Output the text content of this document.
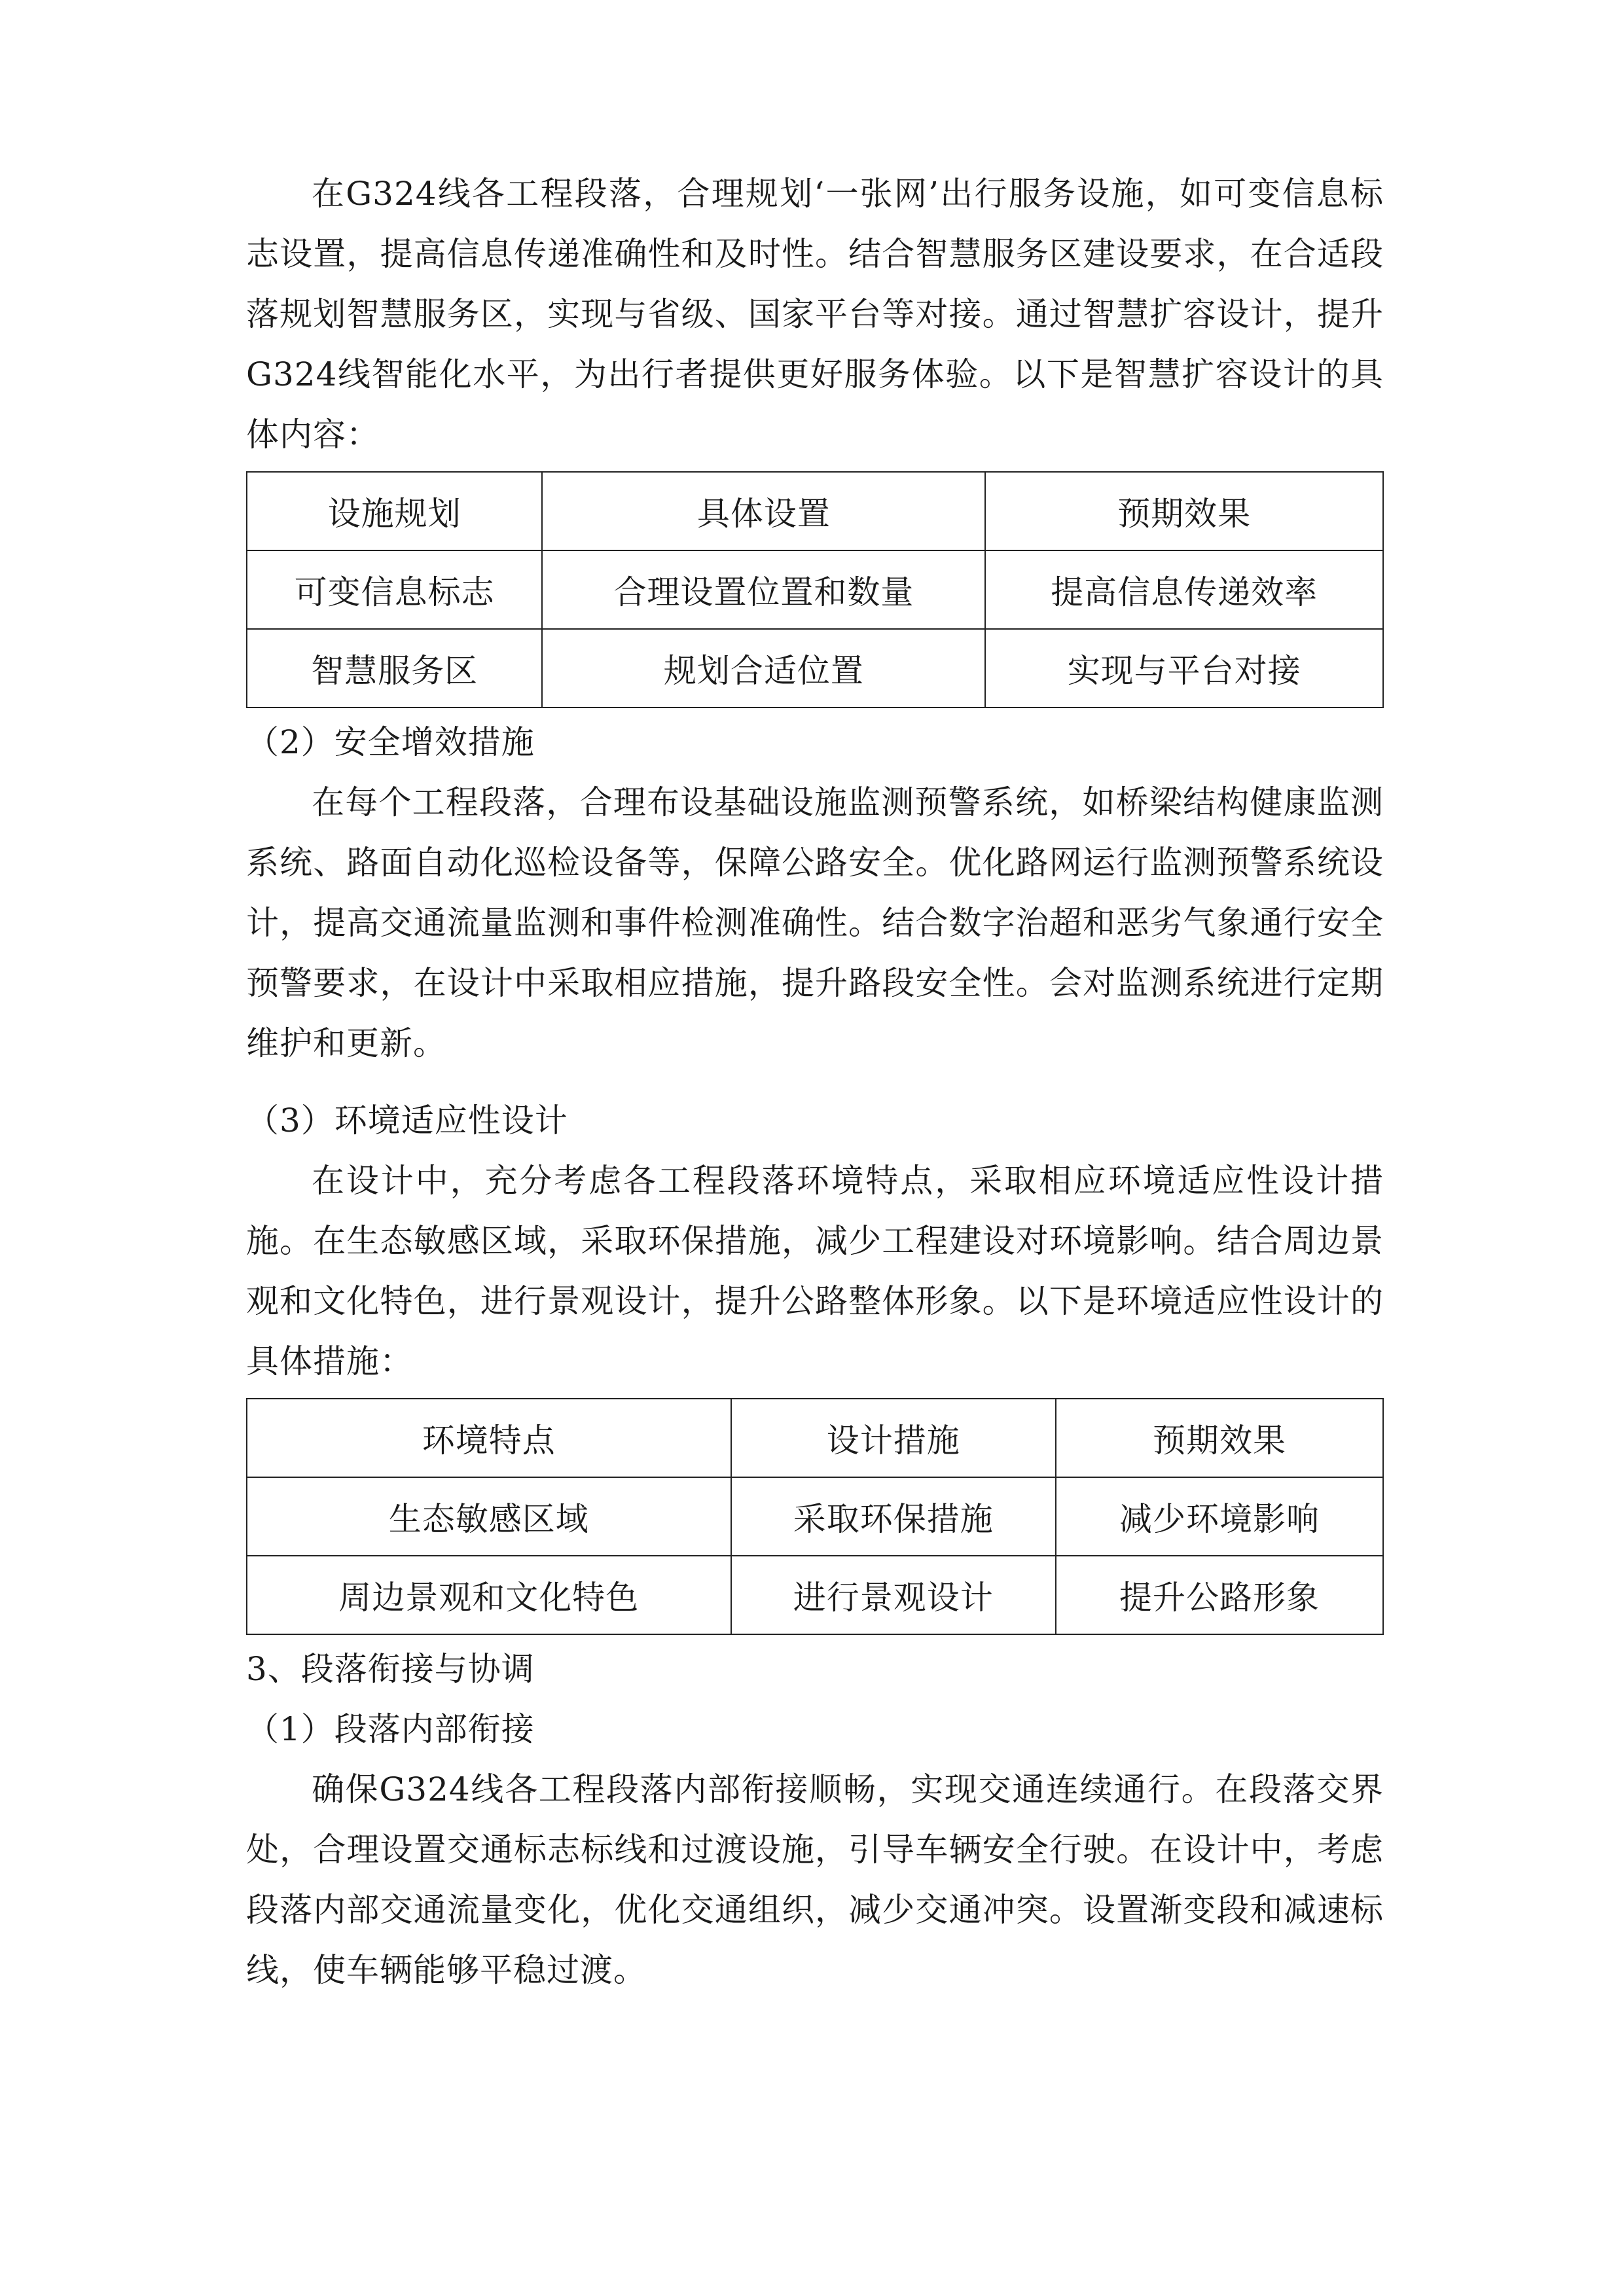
在G324线各工程段落，合理规划‘一张网’出行服务设施，如可变信息标志设置，提高信息传递准确性和及时性。结合智慧服务区建设要求，在合适段落规划智慧服务区，实现与省级、国家平台等对接。通过智慧扩容设计，提升G324线智能化水平，为出行者提供更好服务体验。以下是智慧扩容设计的具体内容：

设施规划	具体设置	预期效果
可变信息标志	合理设置位置和数量	提高信息传递效率
智慧服务区	规划合适位置	实现与平台对接

（2）安全增效措施

在每个工程段落，合理布设基础设施监测预警系统，如桥梁结构健康监测系统、路面自动化巡检设备等，保障公路安全。优化路网运行监测预警系统设计，提高交通流量监测和事件检测准确性。结合数字治超和恶劣气象通行安全预警要求，在设计中采取相应措施，提升路段安全性。会对监测系统进行定期维护和更新。

（3）环境适应性设计

在设计中，充分考虑各工程段落环境特点，采取相应环境适应性设计措施。在生态敏感区域，采取环保措施，减少工程建设对环境影响。结合周边景观和文化特色，进行景观设计，提升公路整体形象。以下是环境适应性设计的具体措施：

环境特点	设计措施	预期效果
生态敏感区域	采取环保措施	减少环境影响
周边景观和文化特色	进行景观设计	提升公路形象

3、段落衔接与协调

（1）段落内部衔接

确保G324线各工程段落内部衔接顺畅，实现交通连续通行。在段落交界处，合理设置交通标志标线和过渡设施，引导车辆安全行驶。在设计中，考虑段落内部交通流量变化，优化交通组织，减少交通冲突。设置渐变段和减速标线，使车辆能够平稳过渡。
